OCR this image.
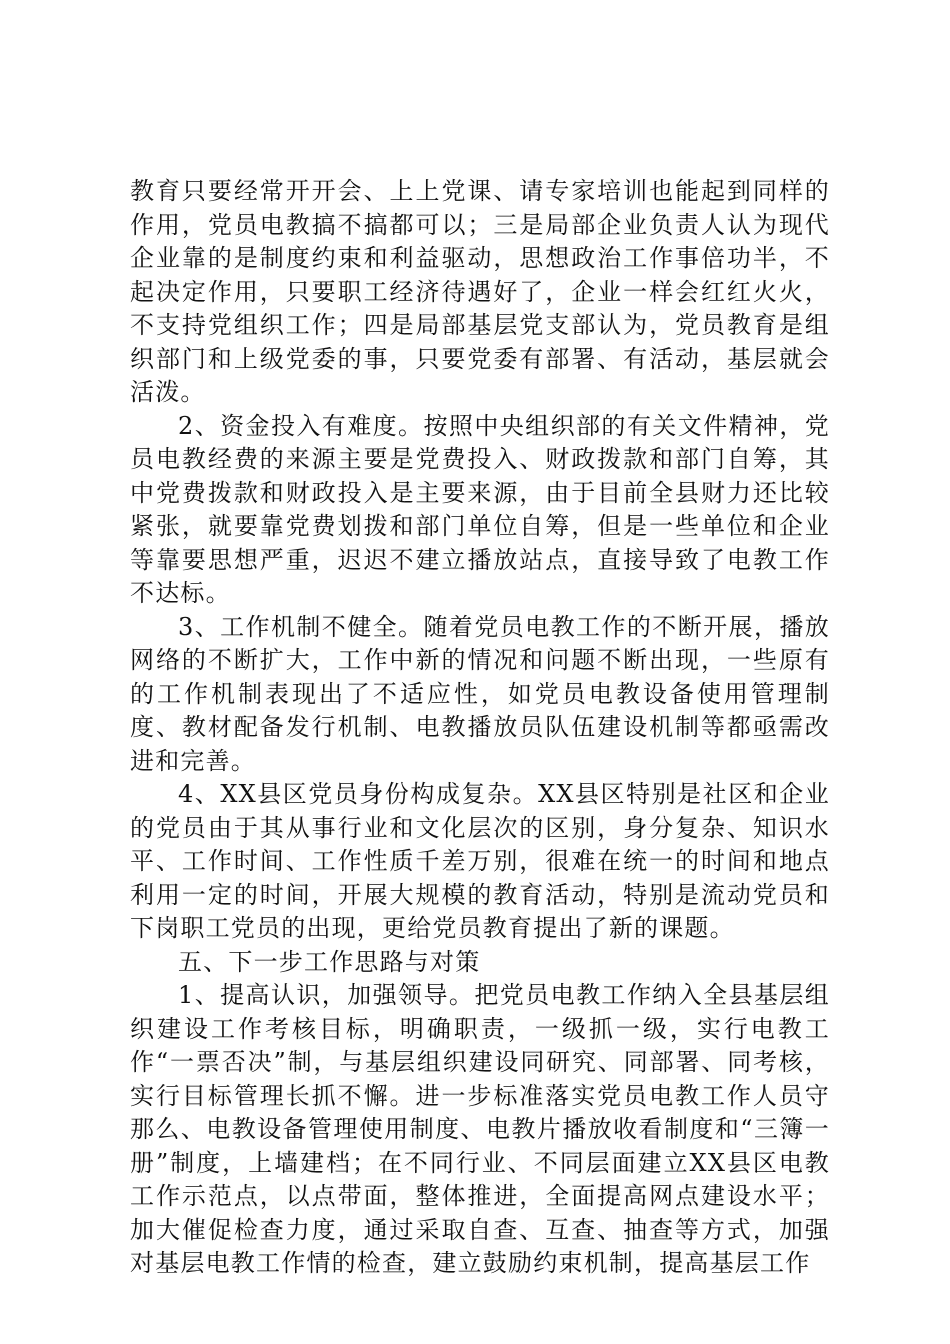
教育只要经常开开会、上上党课、请专家培训也能起到同样的作用，党员电教搞不搞都可以；三是局部企业负责人认为现代企业靠的是制度约束和利益驱动，思想政治工作事倍功半，不起决定作用，只要职工经济待遇好了，企业一样会红红火火，不支持党组织工作；四是局部基层党支部认为，党员教育是组织部门和上级党委的事，只要党委有部署、有活动，基层就会活泼。

2、资金投入有难度。按照中央组织部的有关文件精神，党员电教经费的来源主要是党费投入、财政拨款和部门自筹，其中党费拨款和财政投入是主要来源，由于目前全县财力还比较紧张，就要靠党费划拨和部门单位自筹，但是一些单位和企业等靠要思想严重，迟迟不建立播放站点，直接导致了电教工作不达标。

3、工作机制不健全。随着党员电教工作的不断开展，播放网络的不断扩大，工作中新的情况和问题不断出现，一些原有的工作机制表现出了不适应性，如党员电教设备使用管理制度、教材配备发行机制、电教播放员队伍建设机制等都亟需改进和完善。

4、XX县区党员身份构成复杂。XX县区特别是社区和企业的党员由于其从事行业和文化层次的区别，身分复杂、知识水平、工作时间、工作性质千差万别，很难在统一的时间和地点利用一定的时间，开展大规模的教育活动，特别是流动党员和下岗职工党员的出现，更给党员教育提出了新的课题。

五、下一步工作思路与对策

1、提高认识，加强领导。把党员电教工作纳入全县基层组织建设工作考核目标，明确职责，一级抓一级，实行电教工作“一票否决”制，与基层组织建设同研究、同部署、同考核，实行目标管理长抓不懈。进一步标准落实党员电教工作人员守那么、电教设备管理使用制度、电教片播放收看制度和“三簿一册”制度，上墙建档；在不同行业、不同层面建立XX县区电教工作示范点，以点带面，整体推进，全面提高网点建设水平；加大催促检查力度，通过采取自查、互查、抽查等方式，加强对基层电教工作情的检查，建立鼓励约束机制，提高基层工作
